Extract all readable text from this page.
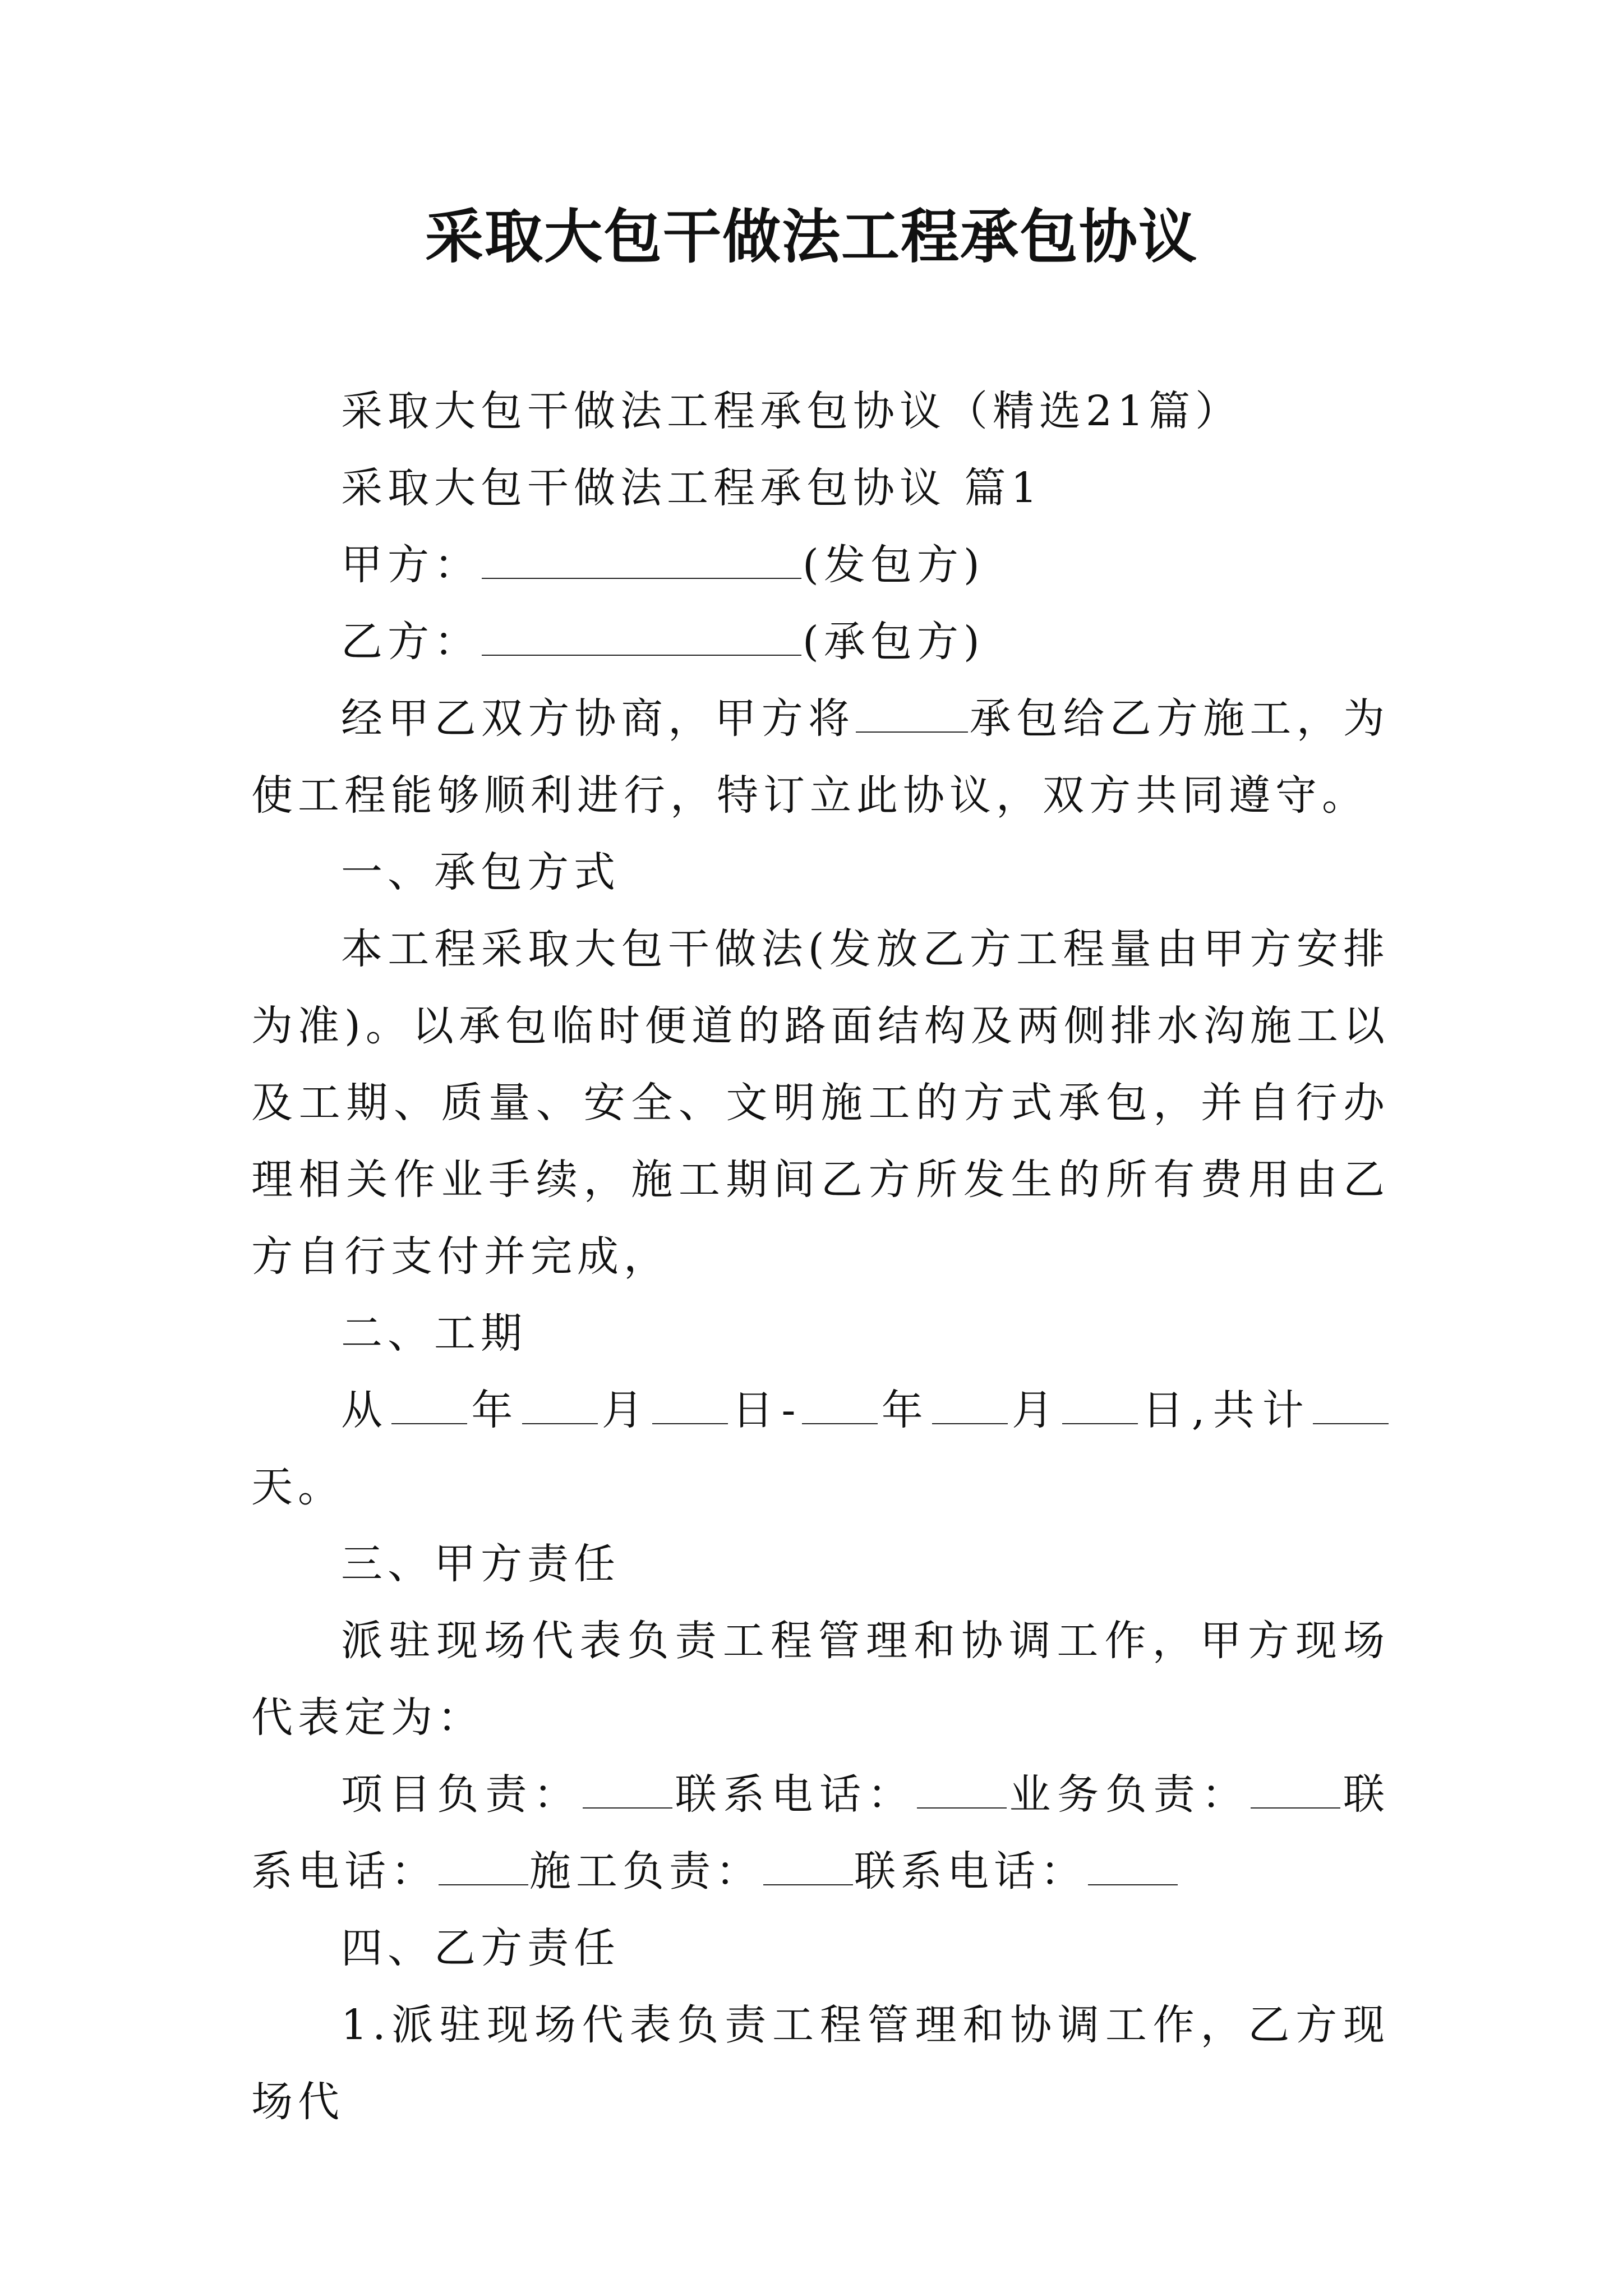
采取大包干做法工程承包协议

采取大包干做法工程承包协议（精选21篇）

采取大包干做法工程承包协议 篇1

甲方：	(发包方)

乙方：	(承包方)

经甲乙双方协商，甲方将	承包给乙方施工，为使工程能够顺利进行，特订立此协议，双方共同遵守。

一、承包方式

本工程采取大包干做法(发放乙方工程量由甲方安排为准)。以承包临时便道的路面结构及两侧排水沟施工以及工期、质量、安全、文明施工的方式承包，并自行办理相关作业手续，施工期间乙方所发生的所有费用由乙方自行支付并完成，

二、工期

从 年 月 日- 年 月 日,共计天。

三、甲方责任

派驻现场代表负责工程管理和协调工作，甲方现场代表定为：

项目负责： 联系电话： 业务负责： 联系电话： 施工负责： 联系电话：

四、乙方责任

1.派驻现场代表负责工程管理和协调工作，乙方现场代
